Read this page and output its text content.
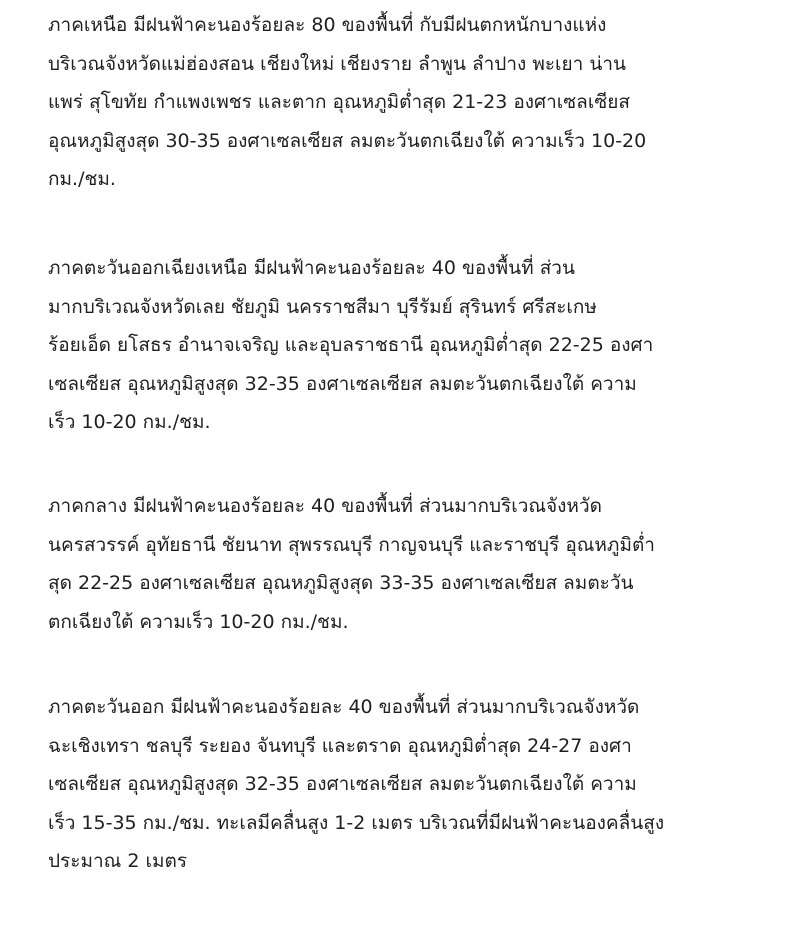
ภาคเหนือ มีฝนฟ้าคะนองร้อยละ 80 ของพื้นที่ กับมีฝนตกหนักบางแห่ง
บริเวณจังหวัดแม่ฮ่องสอน เชียงใหม่ เชียงราย ลำพูน ลำปาง พะเยา น่าน
แพร่ สุโขทัย กำแพงเพชร และตาก อุณหภูมิต่ำสุด 21-23 องศาเซลเซียส
อุณหภูมิสูงสุด 30-35 องศาเซลเซียส ลมตะวันตกเฉียงใต้ ความเร็ว 10-20
กม./ชม.

ภาคตะวันออกเฉียงเหนือ มีฝนฟ้าคะนองร้อยละ 40 ของพื้นที่ ส่วน
มากบริเวณจังหวัดเลย ชัยภูมิ นครราชสีมา บุรีรัมย์ สุรินทร์ ศรีสะเกษ
ร้อยเอ็ด ยโสธร อำนาจเจริญ และอุบลราชธานี อุณหภูมิต่ำสุด 22-25 องศา
เซลเซียส อุณหภูมิสูงสุด 32-35 องศาเซลเซียส ลมตะวันตกเฉียงใต้ ความ
เร็ว 10-20 กม./ชม.

ภาคกลาง มีฝนฟ้าคะนองร้อยละ 40 ของพื้นที่ ส่วนมากบริเวณจังหวัด
นครสวรรค์ อุทัยธานี ชัยนาท สุพรรณบุรี กาญจนบุรี และราชบุรี อุณหภูมิต่ำ
สุด 22-25 องศาเซลเซียส อุณหภูมิสูงสุด 33-35 องศาเซลเซียส ลมตะวัน
ตกเฉียงใต้ ความเร็ว 10-20 กม./ชม.

ภาคตะวันออก มีฝนฟ้าคะนองร้อยละ 40 ของพื้นที่ ส่วนมากบริเวณจังหวัด
ฉะเชิงเทรา ชลบุรี ระยอง จันทบุรี และตราด อุณหภูมิต่ำสุด 24-27 องศา
เซลเซียส อุณหภูมิสูงสุด 32-35 องศาเซลเซียส ลมตะวันตกเฉียงใต้ ความ
เร็ว 15-35 กม./ชม. ทะเลมีคลื่นสูง 1-2 เมตร บริเวณที่มีฝนฟ้าคะนองคลื่นสูง
ประมาณ 2 เมตร
